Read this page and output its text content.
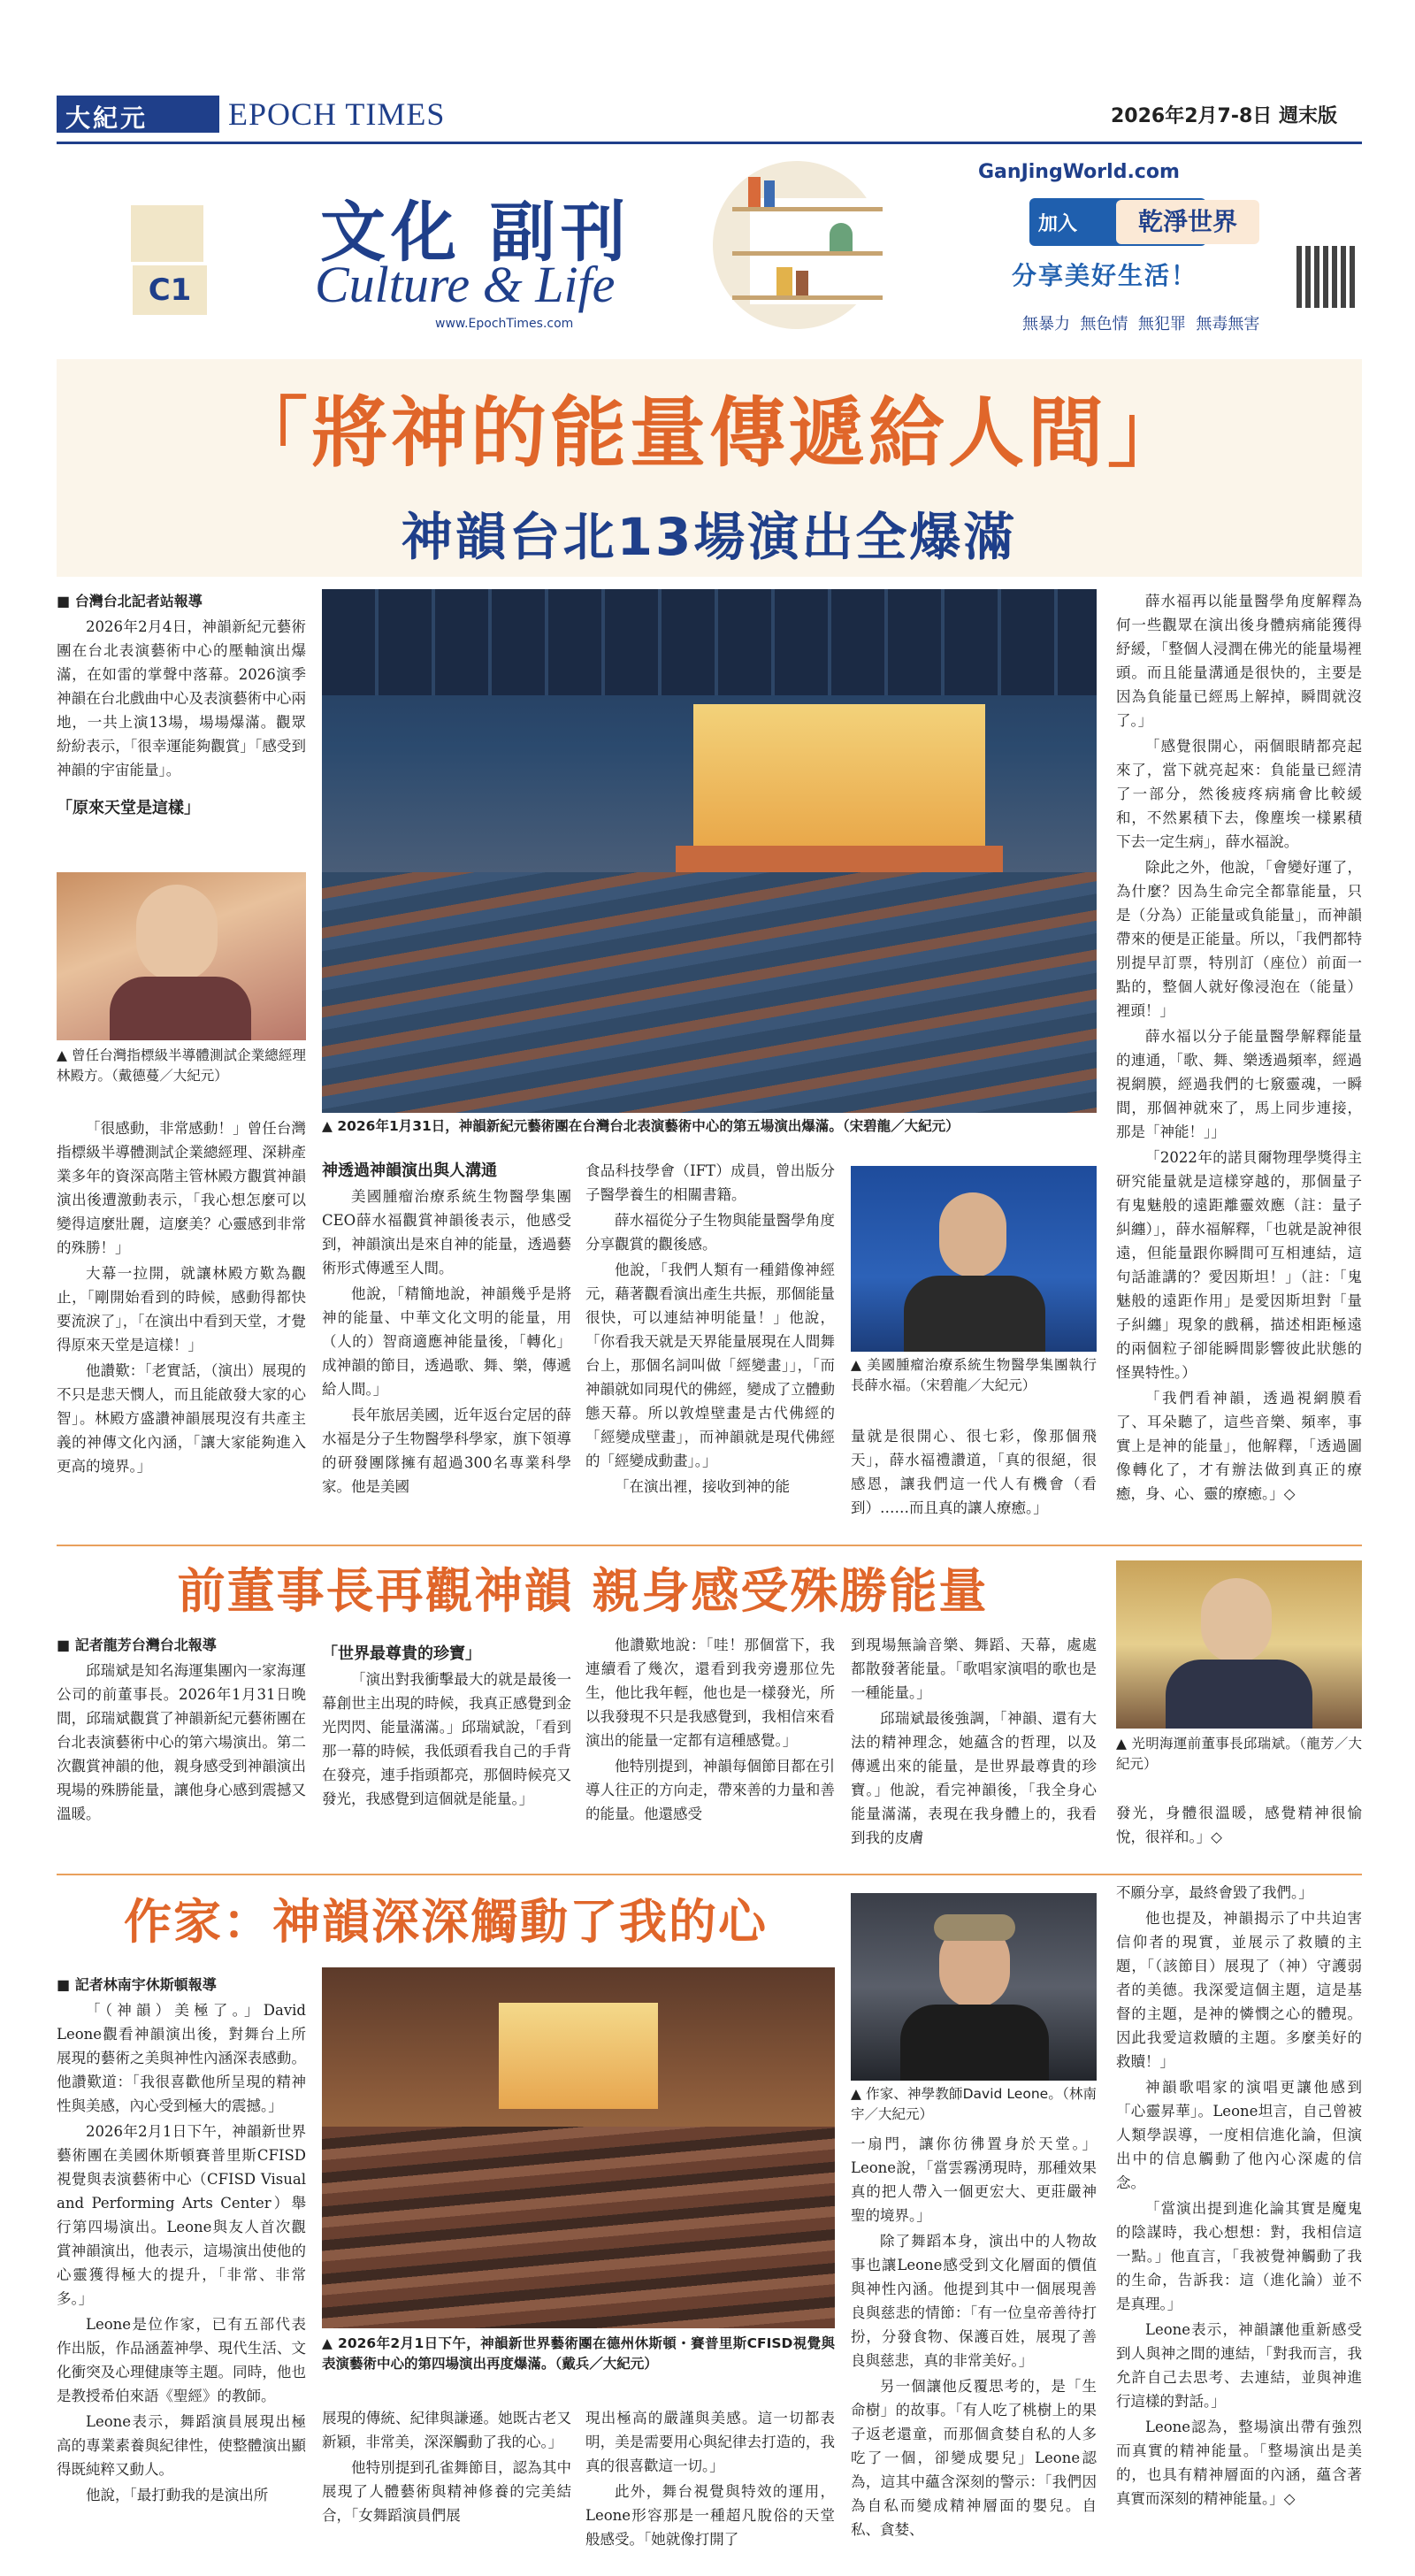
大紀元	EPOCH TIMES	2026年2月7-8日 週末版
C1
文化 副刊
Culture & Life
www.EpochTimes.com
GanJingWorld.com
加入	乾淨世界
分享美好生活！
無暴力 無色情 無犯罪 無毒無害
「將神的能量傳遞給人間」
神韻台北13場演出全爆滿

■ 台灣台北記者站報導

2026年2月4日，神韻新紀元藝術團在台北表演藝術中心的壓軸演出爆滿，在如雷的掌聲中落幕。2026演季神韻在台北戲曲中心及表演藝術中心兩地，一共上演13場，場場爆滿。觀眾紛紛表示，「很幸運能夠觀賞」「感受到神韻的宇宙能量」。

「原來天堂是這樣」

▲ 曾任台灣指標級半導體測試企業總經理林殿方。（戴德蔓／大紀元）

「很感動，非常感動！」曾任台灣指標級半導體測試企業總經理、深耕產業多年的資深高階主管林殿方觀賞神韻演出後遭激動表示，「我心想怎麼可以變得這麼壯麗，這麼美？心靈感到非常的殊勝！」

大幕一拉開，就讓林殿方歎為觀止，「剛開始看到的時候，感動得都快要流淚了」，「在演出中看到天堂，才覺得原來天堂是這樣！」

他讚歎：「老實話，（演出）展現的不只是悲天憫人，而且能啟發大家的心智」。林殿方盛讚神韻展現沒有共產主義的神傳文化內涵，「讓大家能夠進入更高的境界。」

▲ 2026年1月31日，神韻新紀元藝術團在台灣台北表演藝術中心的第五場演出爆滿。（宋碧龍／大紀元）

神透過神韻演出與人溝通

美國腫瘤治療系統生物醫學集團CEO薛水福觀賞神韻後表示，他感受到，神韻演出是來自神的能量，透過藝術形式傳遞至人間。

他說，「精簡地說，神韻幾乎是將神的能量、中華文化文明的能量，用（人的）智商適應神能量後，「轉化」成神韻的節目，透過歌、舞、樂，傳遞給人間。」

長年旅居美國，近年返台定居的薛水福是分子生物醫學科學家，旗下領導的研發團隊擁有超過300名專業科學家。他是美國

食品科技學會（IFT）成員，曾出版分子醫學養生的相關書籍。

薛水福從分子生物與能量醫學角度分享觀賞的觀後感。

他說，「我們人類有一種錯像神經元，藉著觀看演出產生共振，那個能量很快，可以連結神明能量！」他說，「你看我天就是天界能量展現在人間舞台上，那個名詞叫做「經變畫」」，「而神韻就如同現代的佛經，變成了立體動態天幕。所以敦煌壁畫是古代佛經的「經變成壁畫」，而神韻就是現代佛經的「經變成動畫」。」

「在演出裡，接收到神的能

▲ 美國腫瘤治療系統生物醫學集團執行長薛水福。（宋碧龍／大紀元）

量就是很開心、很七彩，像那個飛天」，薛水福禮讚道，「真的很絕，很感恩，讓我們這一代人有機會（看到）……而且真的讓人療癒。」

薛水福再以能量醫學角度解釋為何一些觀眾在演出後身體病痛能獲得紓緩，「整個人浸潤在佛光的能量場裡頭。而且能量溝通是很快的，主要是因為負能量已經馬上解掉，瞬間就沒了。」

「感覺很開心，兩個眼睛都亮起來了，當下就亮起來：負能量已經清了一部分，然後疲疼病痛會比較緩和，不然累積下去，像塵埃一樣累積下去一定生病」，薛水福說。

除此之外，他說，「會變好運了，為什麼？因為生命完全都靠能量，只是（分為）正能量或負能量」，而神韻帶來的便是正能量。所以，「我們都特別提早訂票，特別訂（座位）前面一點的，整個人就好像浸泡在（能量）裡頭！」

薛水福以分子能量醫學解釋能量的連通，「歌、舞、樂透過頻率，經過視網膜，經過我們的七竅靈魂，一瞬間，那個神就來了，馬上同步連接，那是「神能！」」

「2022年的諾貝爾物理學獎得主研究能量就是這樣穿越的，那個量子有鬼魅般的遠距離靈效應（註：量子糾纏）」，薛水福解釋，「也就是說神很遠，但能量跟你瞬間可互相連結，這句話誰講的？愛因斯坦！」（註：「鬼魅般的遠距作用」是愛因斯坦對「量子糾纏」現象的戲稱，描述相距極遠的兩個粒子卻能瞬間影響彼此狀態的怪異特性。）

「我們看神韻，透過視網膜看了、耳朵聽了，這些音樂、頻率，事實上是神的能量」，他解釋，「透過圖像轉化了，才有辦法做到真正的療癒，身、心、靈的療癒。」◇

前董事長再觀神韻 親身感受殊勝能量

■ 記者龍芳台灣台北報導

邱瑞斌是知名海運集團內一家海運公司的前董事長。2026年1月31日晚間，邱瑞斌觀賞了神韻新紀元藝術團在台北表演藝術中心的第六場演出。第二次觀賞神韻的他，親身感受到神韻演出現場的殊勝能量，讓他身心感到震撼又溫暖。

「世界最尊貴的珍寶」

「演出對我衝擊最大的就是最後一幕創世主出現的時候，我真正感覺到金光閃閃、能量滿滿。」邱瑞斌說，「看到那一幕的時候，我低頭看我自己的手背在發亮，連手指頭都亮，那個時候亮又發光，我感覺到這個就是能量。」

他讚歎地說：「哇！那個當下，我連續看了幾次，還看到我旁邊那位先生，他比我年輕，他也是一樣發光，所以我發現不只是我感覺到，我相信來看演出的能量一定都有這種感覺。」

他特別提到，神韻每個節目都在引導人往正的方向走，帶來善的力量和善的能量。他還感受

到現場無論音樂、舞蹈、天幕，處處都散發著能量。「歌唱家演唱的歌也是一種能量。」

邱瑞斌最後強調，「神韻、還有大法的精神理念，她蘊含的哲理，以及傳遞出來的能量，是世界最尊貴的珍寶。」他說，看完神韻後，「我全身心能量滿滿，表現在我身體上的，我看到我的皮膚

▲ 光明海運前董事長邱瑞斌。（龍芳／大紀元）

發光，身體很溫暖，感覺精神很愉悅，很祥和。」◇

作家：神韻深深觸動了我的心

■ 記者林南宇休斯頓報導

「（神韻）美極了。」David Leone觀看神韻演出後，對舞台上所展現的藝術之美與神性內涵深表感動。他讚歎道：「我很喜歡他所呈現的精神性與美感，內心受到極大的震撼。」

2026年2月1日下午，神韻新世界藝術團在美國休斯頓賽普里斯CFISD視覺與表演藝術中心（CFISD Visual and Performing Arts Center）舉行第四場演出。Leone與友人首次觀賞神韻演出，他表示，這場演出使他的心靈獲得極大的提升，「非常、非常多。」

Leone是位作家，已有五部代表作出版，作品涵蓋神學、現代生活、文化衝突及心理健康等主題。同時，他也是教授希伯來語《聖經》的教師。

Leone表示，舞蹈演員展現出極高的專業素養與紀律性，使整體演出顯得既純粹又動人。

他說，「最打動我的是演出所

▲ 2026年2月1日下午，神韻新世界藝術團在德州休斯頓・賽普里斯CFISD視覺與表演藝術中心的第四場演出再度爆滿。（戴兵／大紀元）

展現的傳統、紀律與謙遜。她既古老又新穎，非常美，深深觸動了我的心。」

他特別提到孔雀舞節目，認為其中展現了人體藝術與精神修養的完美結合，「女舞蹈演員們展

現出極高的嚴謹與美感。這一切都表明，美是需要用心與紀律去打造的，我真的很喜歡這一切。」

此外，舞台視覺與特效的運用，Leone形容那是一種超凡脫俗的天堂般感受。「她就像打開了

▲ 作家、神學教師David Leone。（林南宇／大紀元）

一扇門，讓你彷彿置身於天堂。」Leone說，「當雲霧湧現時，那種效果真的把人帶入一個更宏大、更莊嚴神聖的境界。」

除了舞蹈本身，演出中的人物故事也讓Leone感受到文化層面的價值與神性內涵。他提到其中一個展現善良與慈悲的情節：「有一位皇帝善待打扮，分發食物、保護百姓，展現了善良與慈悲，真的非常美好。」

另一個讓他反覆思考的，是「生命樹」的故事。「有人吃了桃樹上的果子返老還童，而那個貪婪自私的人多吃了一個，卻變成嬰兒」Leone認為，這其中蘊含深刻的警示：「我們因為自私而變成精神層面的嬰兒。自私、貪婪、

不願分享，最終會毀了我們。」

他也提及，神韻揭示了中共迫害信仰者的現實，並展示了救贖的主題，「（該節目）展現了（神）守護弱者的美德。我深愛這個主題，這是基督的主題，是神的憐憫之心的體現。因此我愛這救贖的主題。多麼美好的救贖！」

神韻歌唱家的演唱更讓他感到「心靈昇華」。Leone坦言，自己曾被人類學誤導，一度相信進化論，但演出中的信息觸動了他內心深處的信念。

「當演出提到進化論其實是魔鬼的陰謀時，我心想想：對，我相信這一點。」他直言，「我被覺神觸動了我的生命，告訴我：這（進化論）並不是真理。」

Leone表示，神韻讓他重新感受到人與神之間的連結，「對我而言，我允許自己去思考、去連結，並與神進行這樣的對話。」

Leone認為，整場演出帶有強烈而真實的精神能量。「整場演出是美的，也具有精神層面的內涵，蘊含著真實而深刻的精神能量。」◇
